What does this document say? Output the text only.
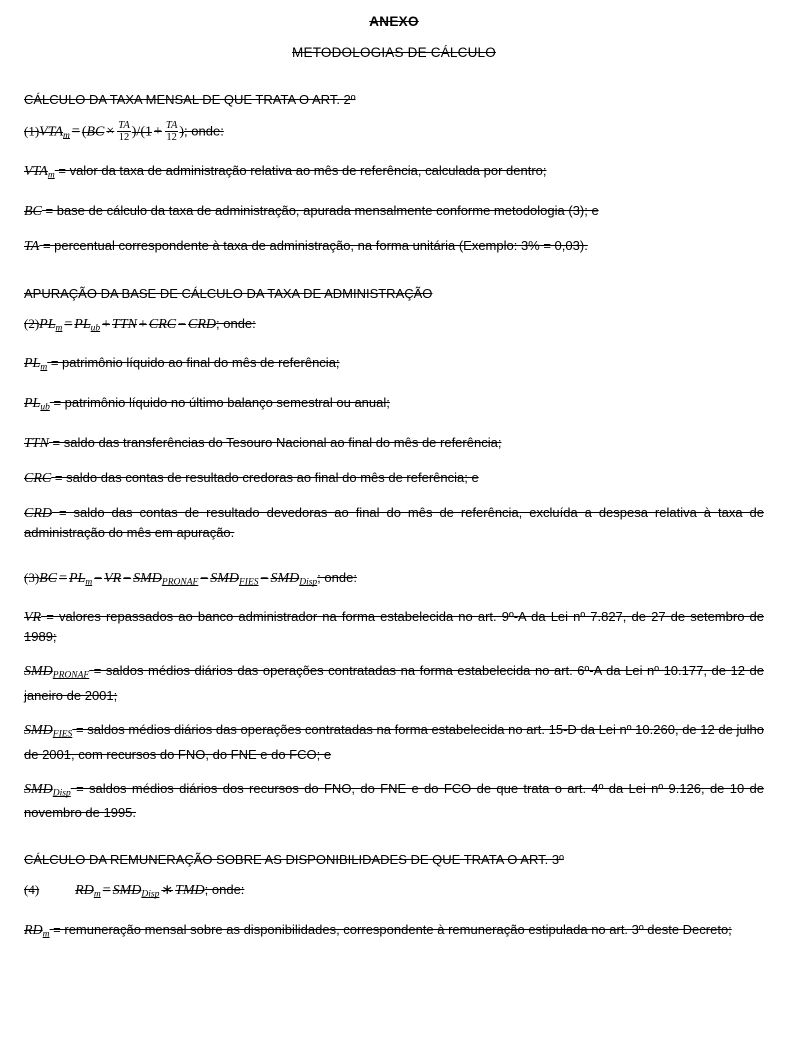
ANEXO
METODOLOGIAS DE CÁLCULO
CÁLCULO DA TAXA MENSAL DE QUE TRATA O ART. 2º
$(1)VTA_m = (BC \times \frac{TA}{12} )/(1 + \frac{TA}{12}$ ); onde:
$VTA_m$ = valor da taxa de administração relativa ao mês de referência, calculada por dentro;
BC = base de cálculo da taxa de administração, apurada mensalmente conforme metodologia (3); e
TA = percentual correspondente à taxa de administração, na forma unitária (Exemplo: 3% = 0,03).
APURAÇÃO DA BASE DE CÁLCULO DA TAXA DE ADMINISTRAÇÃO
$(2)PL_m = PL_{ub}$ + TTN + CRC − CRD; onde:
$PL_m$ = patrimônio líquido ao final do mês de referência;
$PL_{ub}$ = patrimônio líquido no último balanço semestral ou anual;
TTN = saldo das transferências do Tesouro Nacional ao final do mês de referência;
CRC = saldo das contas de resultado credoras ao final do mês de referência; e
CRD = saldo das contas de resultado devedoras ao final do mês de referência, excluída a despesa relativa à taxa de administração do mês em apuração.
$(3)BC = PL_m$ − VR − $SMD_{PRONAF} - SMD_{FIES} - SMD_{Disp}$; onde:
VR = valores repassados ao banco administrador na forma estabelecida no art. 9º-A da Lei nº 7.827, de 27 de setembro de 1989;
$SMD_{PRONAF}$ = saldos médios diários das operações contratadas na forma estabelecida no art. 6º-A da Lei nº 10.177, de 12 de janeiro de 2001;
$SMD_{FIES}$ = saldos médios diários das operações contratadas na forma estabelecida no art. 15-D da Lei nº 10.260, de 12 de julho de 2001, com recursos do FNO, do FNE e do FCO; e
$SMD_{Disp}$ = saldos médios diários dos recursos do FNO, do FNE e do FCO de que trata o art. 4º da Lei nº 9.126, de 10 de novembro de 1995.
CÁLCULO DA REMUNERAÇÃO SOBRE AS DISPONIBILIDADES DE QUE TRATA O ART. 3º
(4)	$RD_m = SMD_{Disp}$ ∗ TMD; onde:
$RD_m$ = remuneração mensal sobre as disponibilidades, correspondente à remuneração estipulada no art. 3º deste Decreto;
